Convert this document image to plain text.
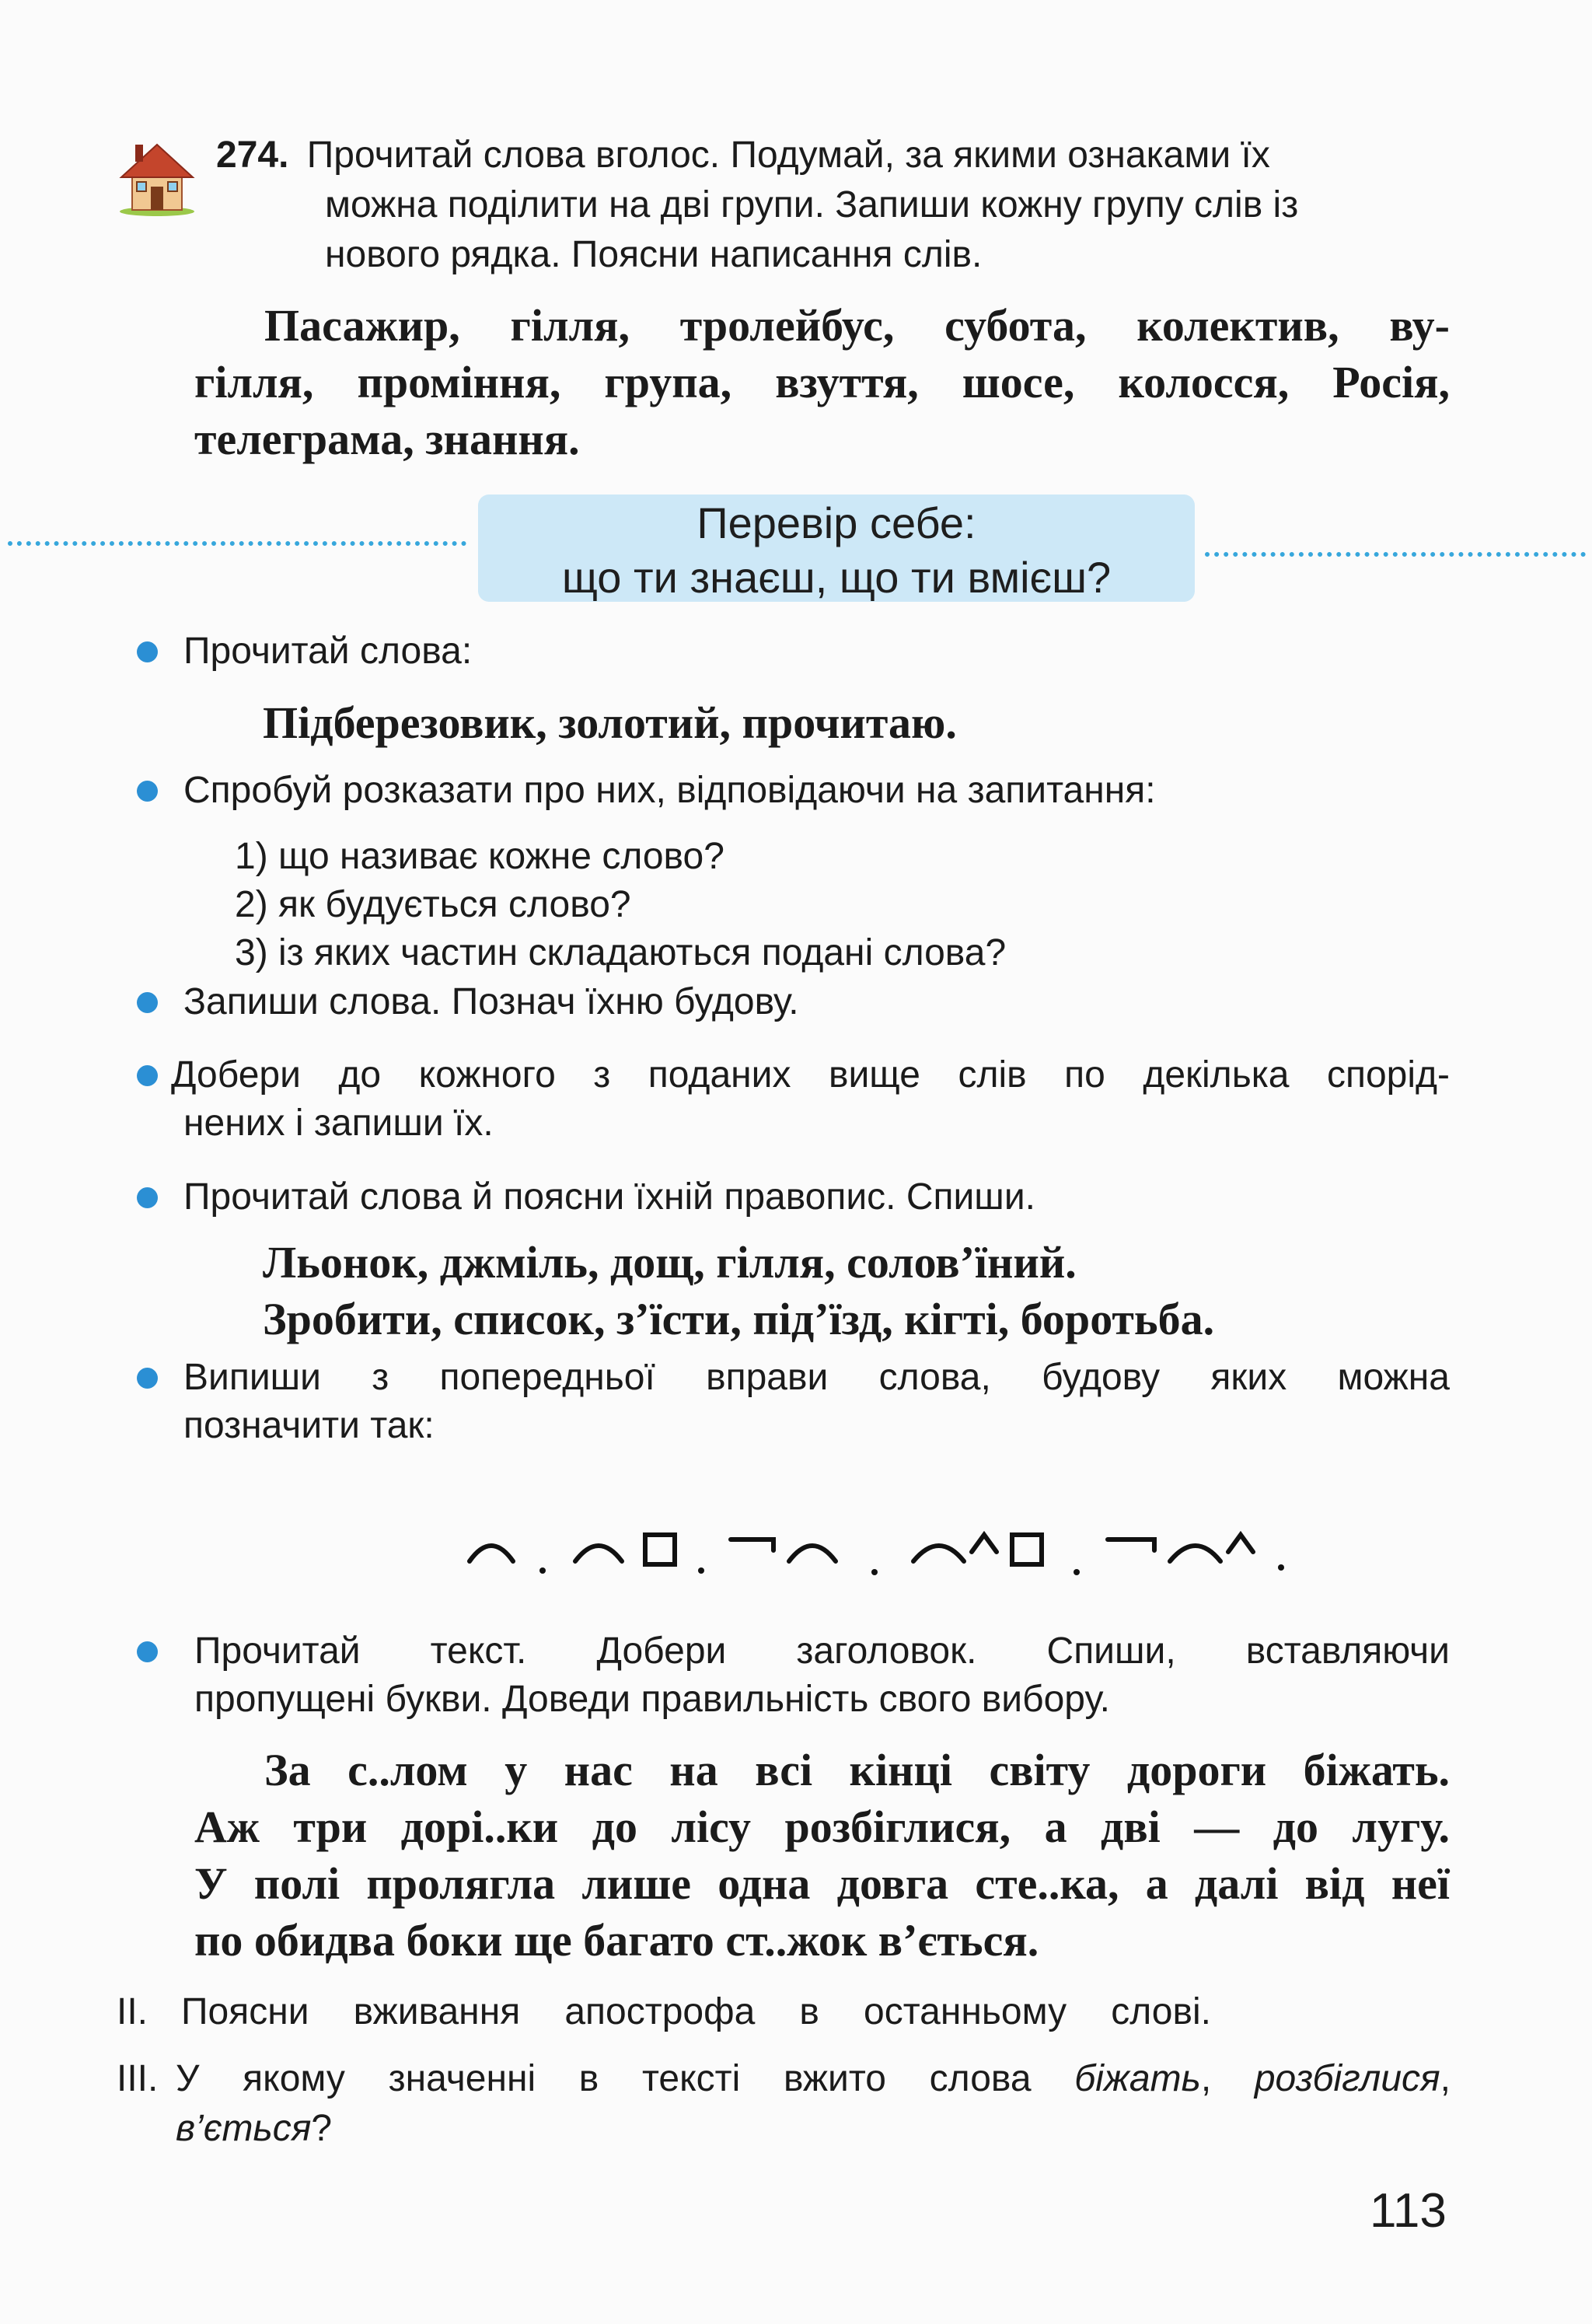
274. Прочитай слова вголос. Подумай, за якими ознаками їх
можна поділити на дві групи. Запиши кожну групу слів із
нового рядка. Поясни написання слів.
Пасажир, гілля, тролейбус, субота, колектив, ву-
гілля, проміння, група, взуття, шосе, колосся, Росія,
телеграма, знання.
Перевір себе:
що ти знаєш, що ти вмієш?
Прочитай слова:
Підберезовик, золотий, прочитаю.
Спробуй розказати про них, відповідаючи на запитання:
1) що називає кожне слово?
2) як будується слово?
3) із яких частин складаються подані слова?
Запиши слова. Познач їхню будову.
Добери до кожного з поданих вище слів по декілька спорід-
нених і запиши їх.
Прочитай слова й поясни їхній правопис. Спиши.
Льонок, джміль, дощ, гілля, солов’їний.
Зробити, список, з’їсти, під’їзд, кігті, боротьба.
Випиши з попередньої вправи слова, будову яких можна
позначити так:
Прочитай текст. Добери заголовок. Спиши, вставляючи
пропущені букви. Доведи правильність свого вибору.
За с..лом у нас на всі кінці світу дороги біжать.
Аж три дорі..ки до лісу розбіглися, а дві — до лугу.
У полі пролягла лише одна довга сте..ка, а далі від неї
по обидва боки ще багато ст..жок в’ється.
II. Поясни вживання апострофа в останньому слові.
III. У якому значенні в тексті вжито слова біжать, розбіглися,
в’ється?
113
